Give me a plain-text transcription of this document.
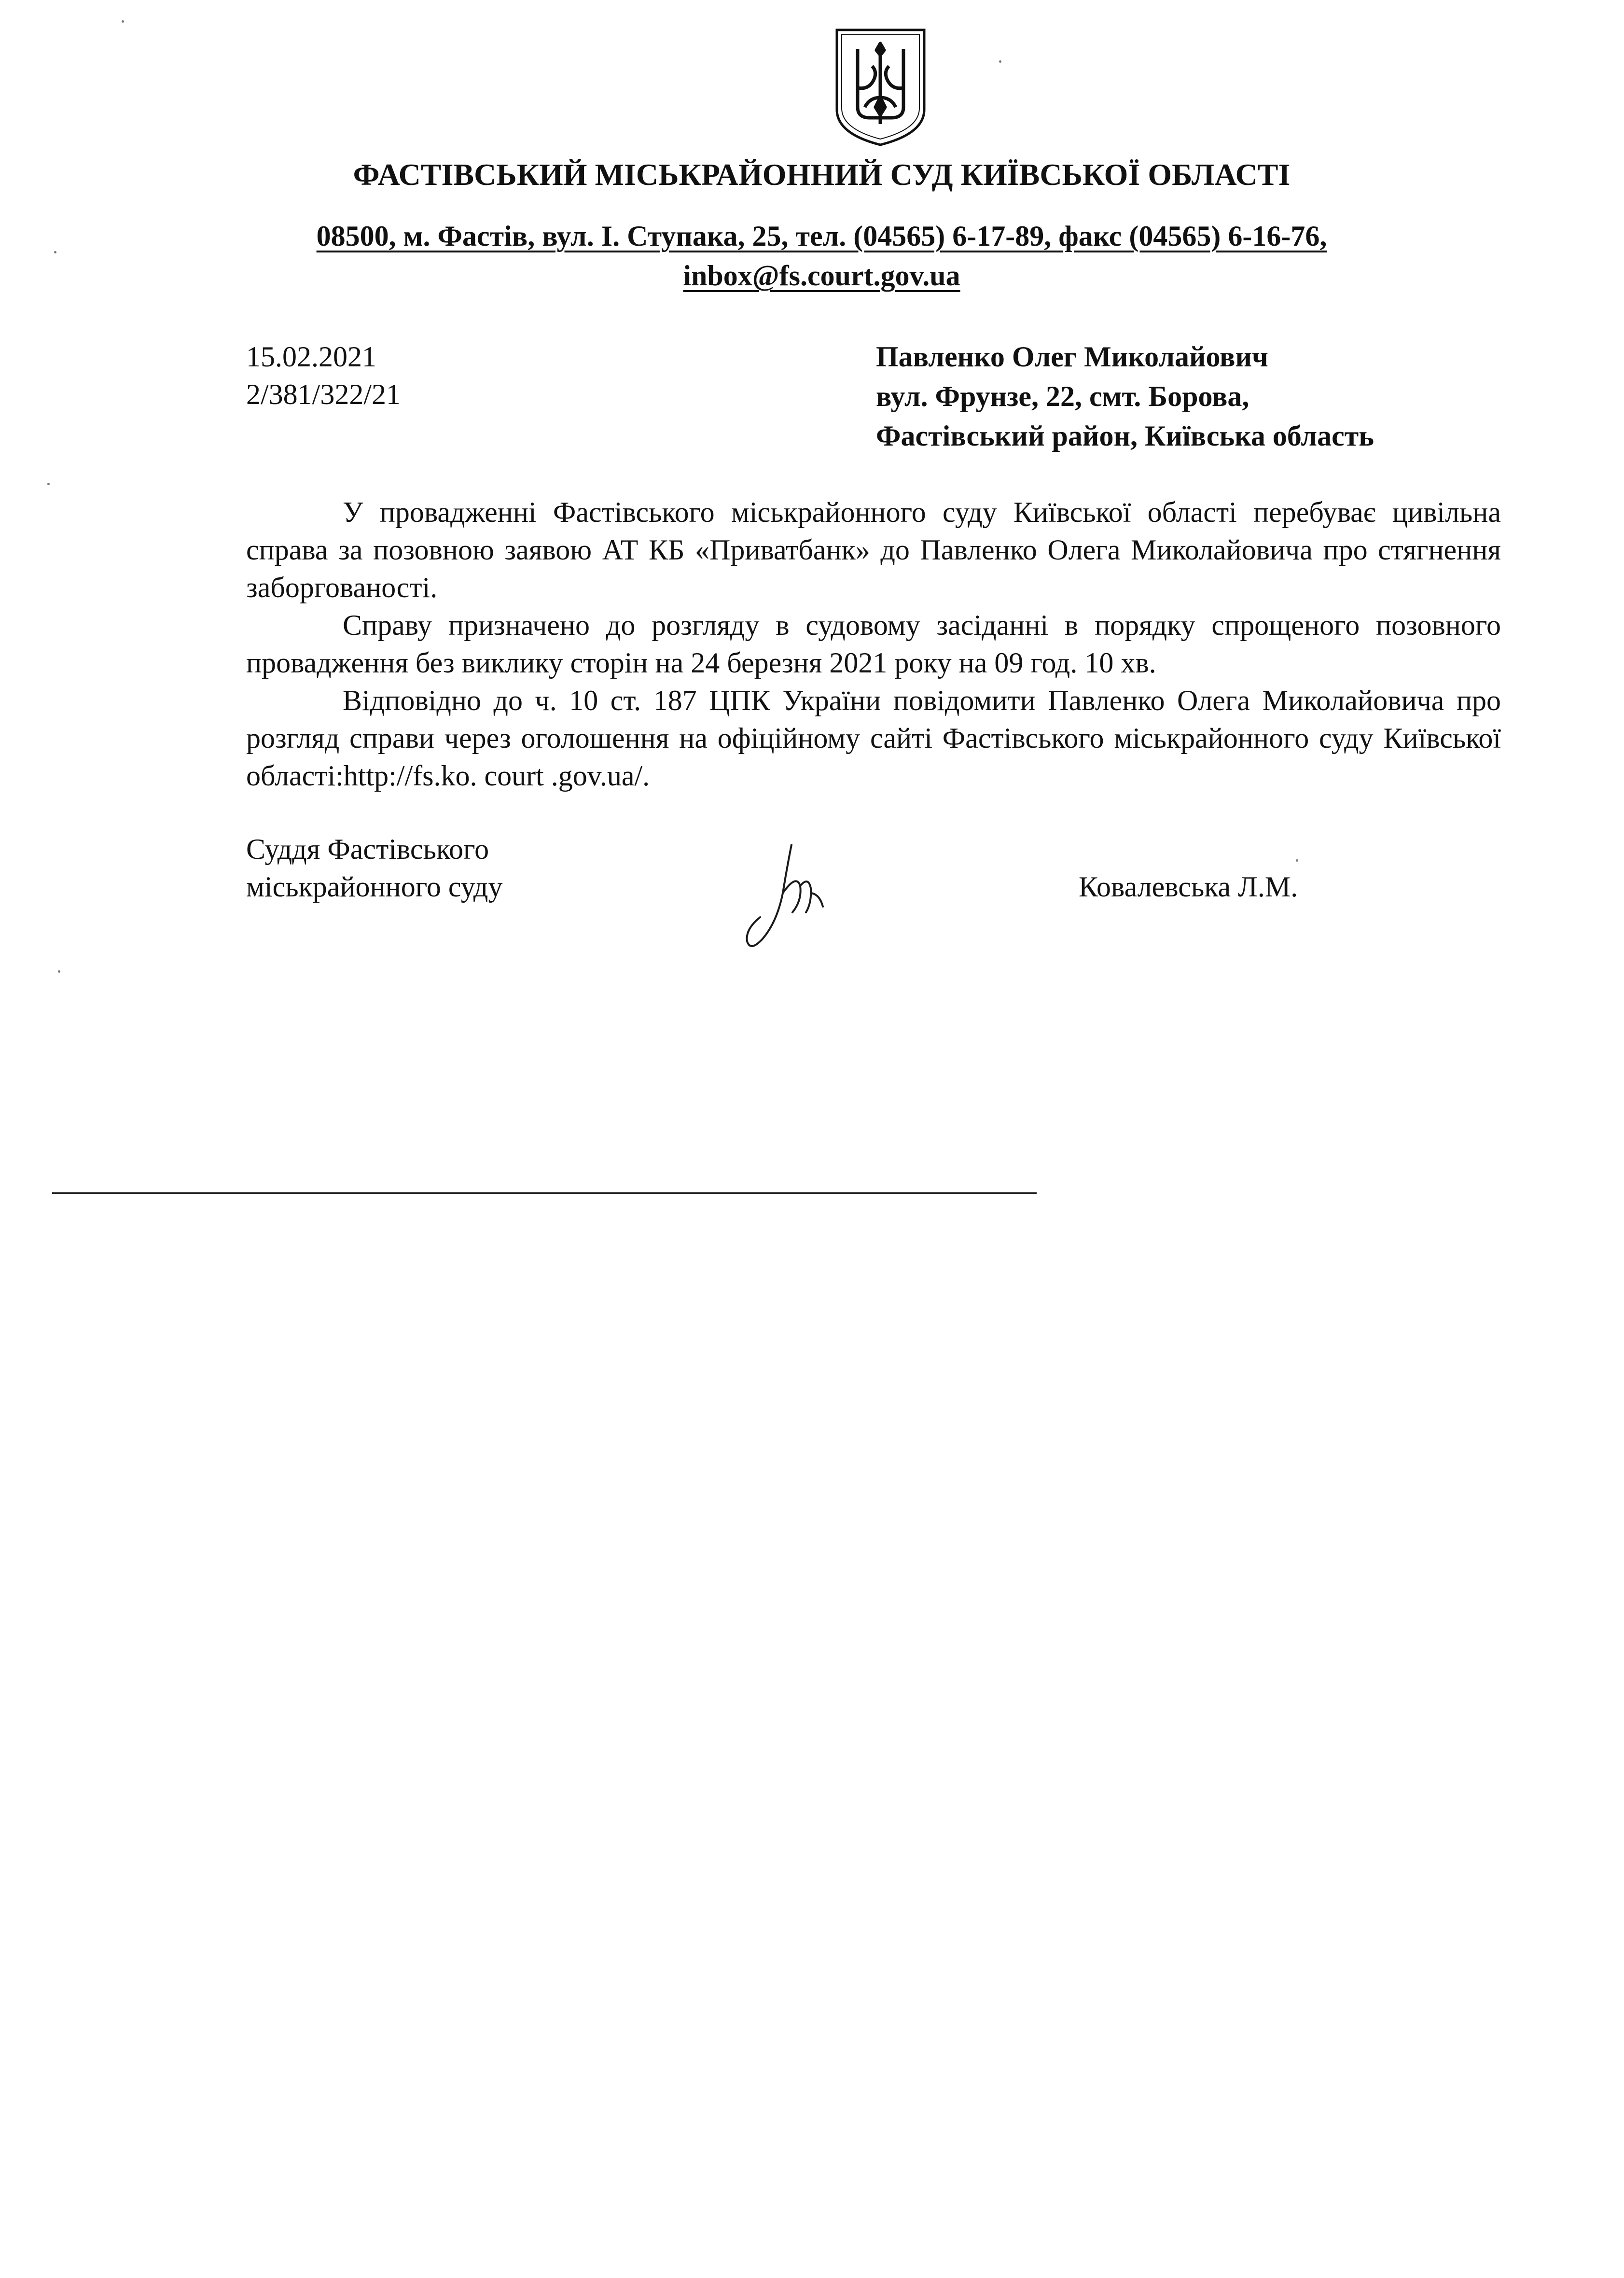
ФАСТІВСЬКИЙ МІСЬКРАЙОННИЙ СУД КИЇВСЬКОЇ ОБЛАСТІ
08500, м. Фастів, вул. І. Ступака, 25, тел. (04565) 6-17-89, факс (04565) 6-16-76,
inbox@fs.court.gov.ua
15.02.2021
2/381/322/21
Павленко Олег Миколайович
вул. Фрунзе, 22, смт. Борова,
Фастівський район, Київська область

У провадженні Фастівського міськрайонного суду Київської області перебуває цивільна справа за позовною заявою АТ КБ «Приватбанк» до Павленко Олега Миколайовича про стягнення заборгованості.

Справу призначено до розгляду в судовому засіданні в порядку спрощеного позовного провадження без виклику сторін на 24 березня 2021 року на 09 год. 10 хв.

Відповідно до ч. 10 ст. 187 ЦПК України повідомити Павленко Олега Миколайовича про розгляд справи через оголошення на офіційному сайті Фастівського міськрайонного суду Київської області:http://fs.ko. court .gov.ua/.

Суддя Фастівського
міськрайонного суду	Ковалевська Л.М.
